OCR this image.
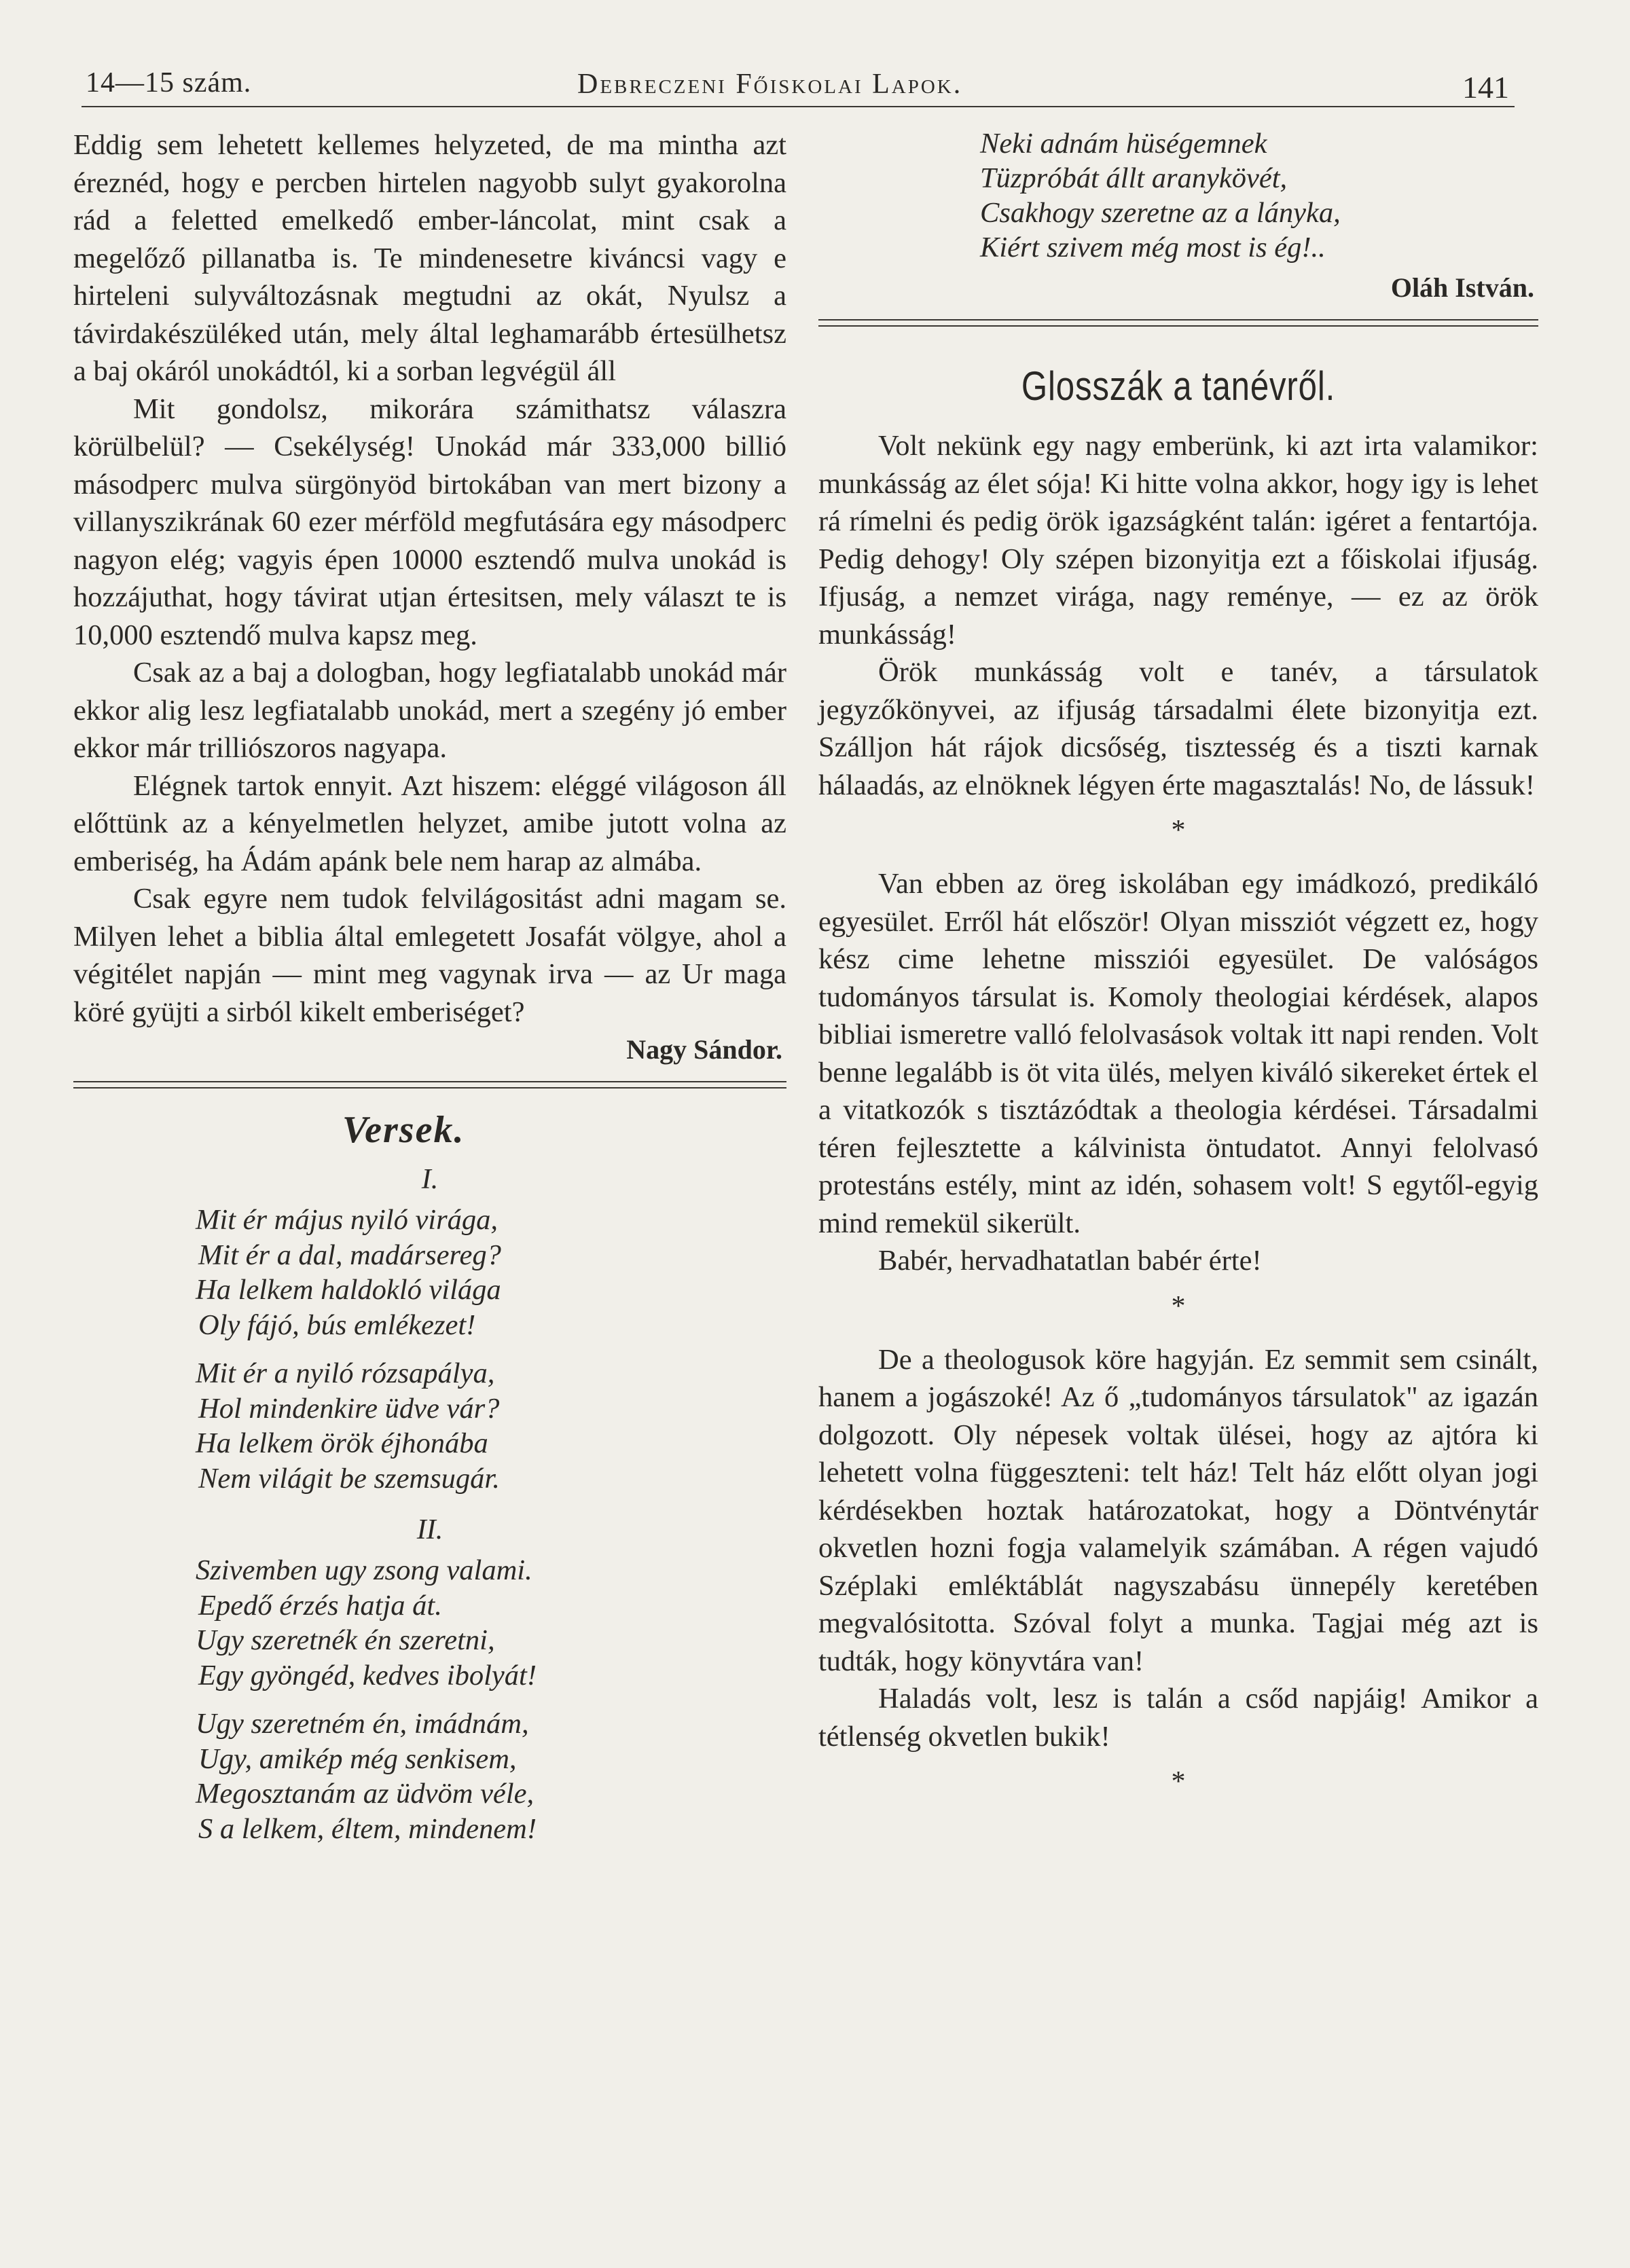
14—15 szám.	Debreczeni Főiskolai Lapok.	141

Eddig sem lehetett kellemes helyzeted, de ma mintha azt éreznéd, hogy e percben hirtelen nagyobb sulyt gyakorolna rád a feletted emelkedő ember-láncolat, mint csak a megelőző pillanatba is. Te mindenesetre kiváncsi vagy e hirteleni sulyváltozásnak megtudni az okát, Nyulsz a távirdakészüléked után, mely által leghamarább értesülhetsz a baj okáról unokádtól, ki a sorban legvégül áll

Mit gondolsz, mikorára számithatsz válaszra körülbelül? — Csekélység! Unokád már 333,000 billió másodperc mulva sürgönyöd birtokában van mert bizony a villanyszikrának 60 ezer mérföld megfutására egy másodperc nagyon elég; vagyis épen 10000 esztendő mulva unokád is hozzájuthat, hogy távirat utjan értesitsen, mely választ te is 10,000 esztendő mulva kapsz meg.

Csak az a baj a dologban, hogy legfiatalabb unokád már ekkor alig lesz legfiatalabb unokád, mert a szegény jó ember ekkor már trilliószoros nagyapa.

Elégnek tartok ennyit. Azt hiszem: eléggé világoson áll előttünk az a kényelmetlen helyzet, amibe jutott volna az emberiség, ha Ádám apánk bele nem harap az almába.

Csak egyre nem tudok felvilágositást adni magam se. Milyen lehet a biblia által emlegetett Josafát völgye, ahol a végitélet napján — mint meg vagynak irva — az Ur maga köré gyüjti a sirból kikelt emberiséget?

Nagy Sándor.

Versek.
I.
Mit ér május nyiló virága,
Mit ér a dal, madársereg?
Ha lelkem haldokló világa
Oly fájó, bús emlékezet!
Mit ér a nyiló rózsapálya,
Hol mindenkire üdve vár?
Ha lelkem örök éjhonába
Nem világit be szemsugár.
II.
Szivemben ugy zsong valami.
Epedő érzés hatja át.
Ugy szeretnék én szeretni,
Egy gyöngéd, kedves ibolyát!
Ugy szeretném én, imádnám,
Ugy, amikép még senkisem,
Megosztanám az üdvöm véle,
S a lelkem, éltem, mindenem!
Neki adnám hüségemnek
Tüzpróbát állt aranykövét,
Csakhogy szeretne az a lányka,
Kiért szivem még most is ég!..

Oláh István.

Glosszák a tanévről.

Volt nekünk egy nagy emberünk, ki azt irta valamikor: munkásság az élet sója! Ki hitte volna akkor, hogy igy is lehet rá rímelni és pedig örök igazságként talán: igéret a fentartója. Pedig dehogy! Oly szépen bizonyitja ezt a főiskolai ifjuság. Ifjuság, a nemzet virága, nagy reménye, — ez az örök munkásság!

Örök munkásság volt e tanév, a társulatok jegyzőkönyvei, az ifjuság társadalmi élete bizonyitja ezt. Szálljon hát rájok dicsőség, tisztesség és a tiszti karnak hálaadás, az elnöknek légyen érte magasztalás! No, de lássuk!

*

Van ebben az öreg iskolában egy imádkozó, predikáló egyesület. Erről hát először! Olyan missziót végzett ez, hogy kész cime lehetne missziói egyesület. De valóságos tudományos társulat is. Komoly theologiai kérdések, alapos bibliai ismeretre valló felolvasások voltak itt napi renden. Volt benne legalább is öt vita ülés, melyen kiváló sikereket értek el a vitatkozók s tisztázódtak a theologia kérdései. Társadalmi téren fejlesztette a kálvinista öntudatot. Annyi felolvasó protestáns estély, mint az idén, sohasem volt! S egytől-egyig mind remekül sikerült.

Babér, hervadhatatlan babér érte!

*

De a theologusok köre hagyján. Ez semmit sem csinált, hanem a jogászoké! Az ő „tudományos társulatok" az igazán dolgozott. Oly népesek voltak ülései, hogy az ajtóra ki lehetett volna függeszteni: telt ház! Telt ház előtt olyan jogi kérdésekben hoztak határozatokat, hogy a Döntvénytár okvetlen hozni fogja valamelyik számában. A régen vajudó Széplaki emléktáblát nagyszabásu ünnepély keretében megvalósitotta. Szóval folyt a munka. Tagjai még azt is tudták, hogy könyvtára van!

Haladás volt, lesz is talán a csőd napjáig! Amikor a tétlenség okvetlen bukik!

*
